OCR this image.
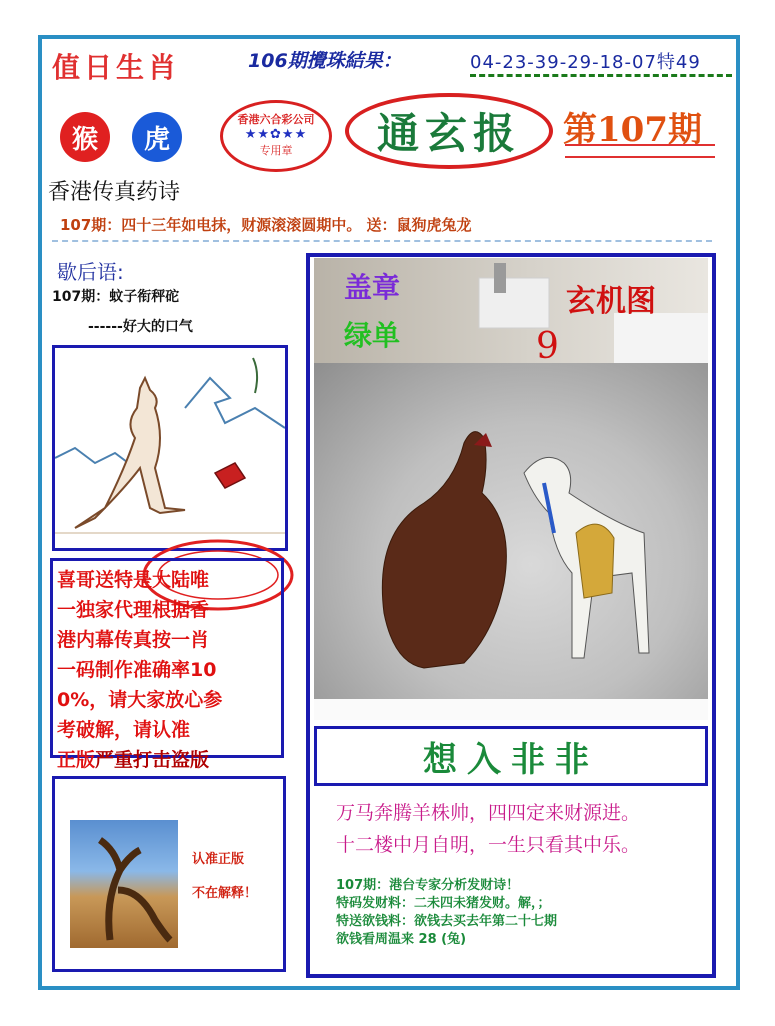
值日生肖	106期攪珠結果：	04-23-39-29-18-07特49
猴	虎
香港六合彩公司
★★✿★★
专用章	通玄报	第107期
香港传真药诗
107期：四十三年如电抹，财源滚滚圆期中。 送：鼠狗虎兔龙
歇后语:
107期：蚊子衔秤砣
------好大的口气
喜哥送特是大陆唯
一独家代理根据香
港内幕传真按一肖
一码制作准确率10
0%，请大家放心参
考破解，请认准
正版严重打击盗版
盖章
绿单
玄机图
9
想入非非
万马奔腾羊株帅，四四定来财源进。
十二楼中月自明，一生只看其中乐。
107期：港台专家分析发财诗！
特码发财料：二未四未猪发财。解，；
特送欲钱料：欲钱去买去年第二十七期
欲钱看周温来 28 (兔)
认准正版
不在解释！
